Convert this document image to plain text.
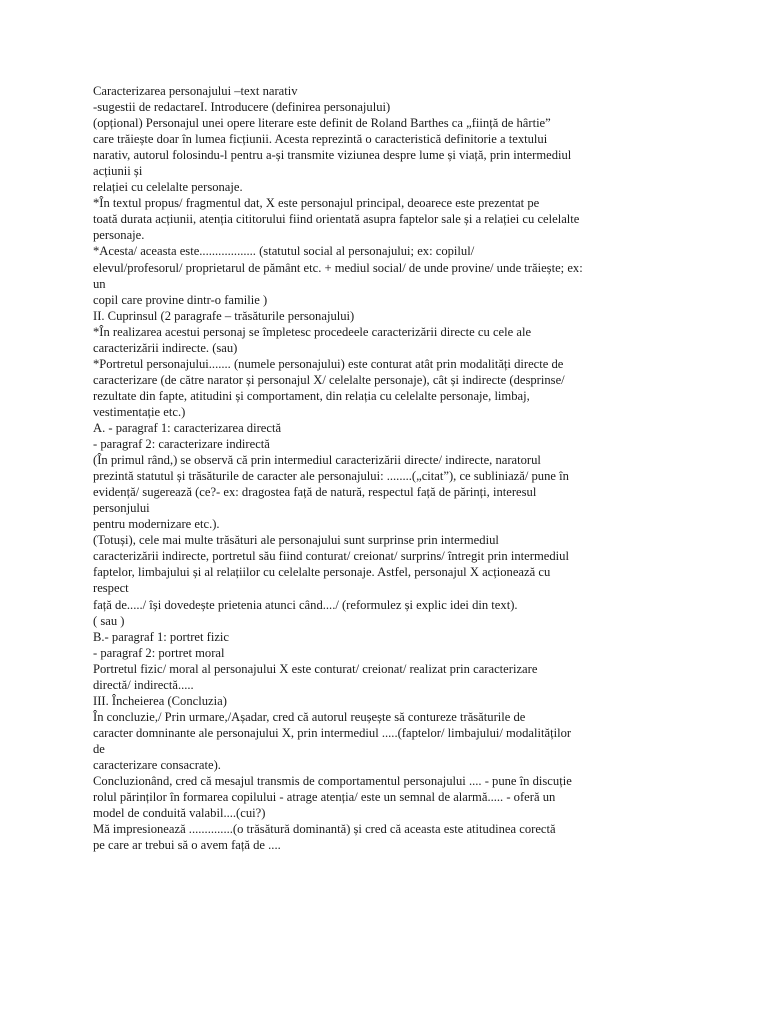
Caracterizarea personajului –text narativ
-sugestii de redactareI. Introducere (definirea personajului)
(opțional) Personajul unei opere literare este definit de Roland Barthes ca „ființă de hârtie”
care trăiește doar în lumea ficțiunii. Acesta reprezintă o caracteristică definitorie a textului
narativ, autorul folosindu-l pentru a-și transmite viziunea despre lume și viață, prin intermediul
acțiunii și
relației cu celelalte personaje.
*În textul propus/ fragmentul dat, X este personajul principal, deoarece este prezentat pe
toată durata acțiunii, atenția cititorului fiind orientată asupra faptelor sale și a relației cu celelalte
personaje.
*Acesta/ aceasta este.................. (statutul social al personajului; ex: copilul/
elevul/profesorul/ proprietarul de pământ etc. + mediul social/ de unde provine/ unde trăiește; ex:
un
copil care provine dintr-o familie )
II. Cuprinsul (2 paragrafe – trăsăturile personajului)
*În realizarea acestui personaj se împletesc procedeele caracterizării directe cu cele ale
caracterizării indirecte. (sau)
*Portretul personajului....... (numele personajului) este conturat atât prin modalități directe de
caracterizare (de către narator și personajul X/ celelalte personaje), cât și indirecte (desprinse/
rezultate din fapte, atitudini și comportament, din relația cu celelalte personaje, limbaj,
vestimentație etc.)
A. - paragraf 1: caracterizarea directă
- paragraf 2: caracterizare indirectă
(În primul rând,) se observă că prin intermediul caracterizării directe/ indirecte, naratorul
prezintă statutul și trăsăturile de caracter ale personajului: ........(„citat”), ce subliniază/ pune în
evidență/ sugerează (ce?- ex: dragostea față de natură, respectul față de părinți, interesul
personjului
pentru modernizare etc.).
(Totuși), cele mai multe trăsături ale personajului sunt surprinse prin intermediul
caracterizării indirecte, portretul său fiind conturat/ creionat/ surprins/ întregit prin intermediul
faptelor, limbajului și al relațiilor cu celelalte personaje. Astfel, personajul X acționează cu
respect
față de...../ își dovedește prietenia atunci când..../ (reformulez și explic idei din text).
( sau )
B.- paragraf 1: portret fizic
- paragraf 2: portret moral
Portretul fizic/ moral al personajului X este conturat/ creionat/ realizat prin caracterizare
directă/ indirectă.....
III. Încheierea (Concluzia)
În concluzie,/ Prin urmare,/Așadar, cred că autorul reușește să contureze trăsăturile de
caracter domninante ale personajului X, prin intermediul .....(faptelor/ limbajului/ modalităților
de
caracterizare consacrate).
Concluzionând, cred că mesajul transmis de comportamentul personajului .... - pune în discuție
rolul părinților în formarea copilului - atrage atenția/ este un semnal de alarmă..... - oferă un
model de conduită valabil....(cui?)
Mă impresionează ..............(o trăsătură dominantă) și cred că aceasta este atitudinea corectă
pe care ar trebui să o avem față de ....
